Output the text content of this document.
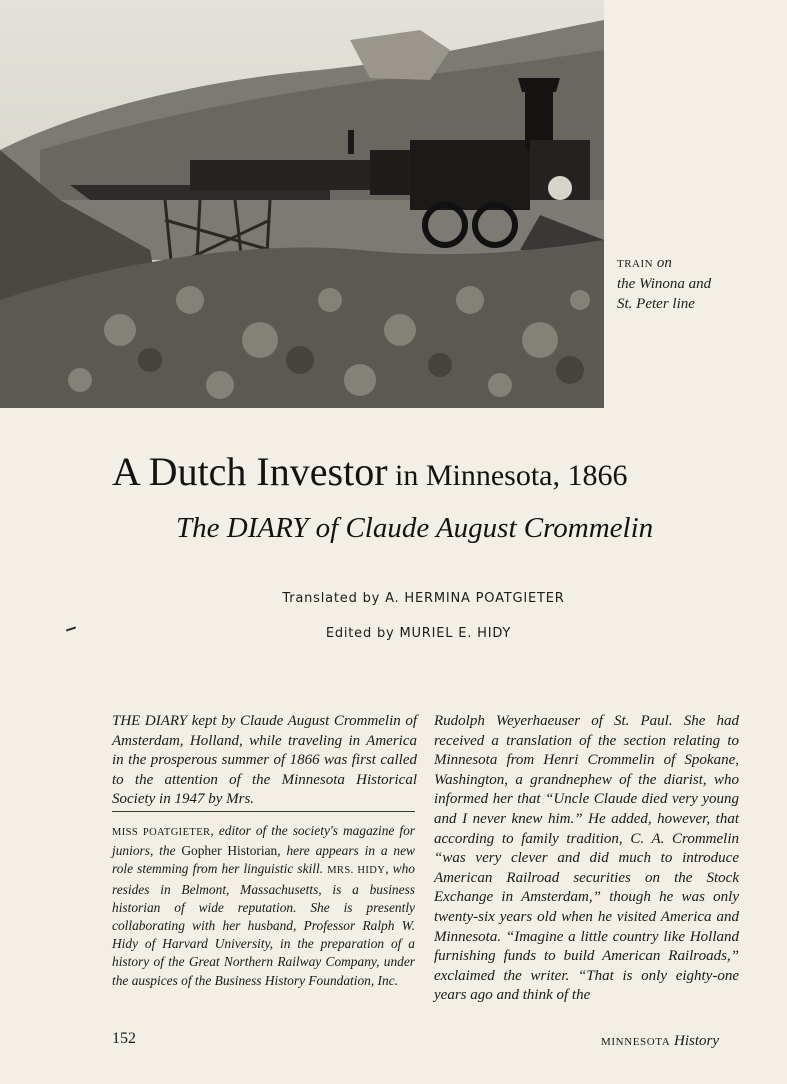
TRAIN on
the Winona and
St. Peter line
A Dutch Investor in Minnesota, 1866
The DIARY of Claude August Crommelin
Translated by A. HERMINA POATGIETER
Edited by MURIEL E. HIDY

THE DIARY kept by Claude August Crommelin of Amsterdam, Holland, while traveling in America in the prosperous summer of 1866 was first called to the attention of the Minnesota Historical Society in 1947 by Mrs.

MISS POATGIETER, editor of the society's magazine for juniors, the Gopher Historian, here appears in a new role stemming from her linguistic skill. MRS. HIDY, who resides in Belmont, Massachusetts, is a business historian of wide reputation. She is presently collaborating with her husband, Professor Ralph W. Hidy of Harvard University, in the preparation of a history of the Great Northern Railway Company, under the auspices of the Business History Foundation, Inc.

Rudolph Weyerhaeuser of St. Paul. She had received a translation of the section relating to Minnesota from Henri Crommelin of Spokane, Washington, a grandnephew of the diarist, who informed her that “Uncle Claude died very young and I never knew him.” He added, however, that according to family tradition, C. A. Crommelin “was very clever and did much to introduce American Railroad securities on the Stock Exchange in Amsterdam,” though he was only twenty-six years old when he visited America and Minnesota. “Imagine a little country like Holland furnishing funds to build American Railroads,” exclaimed the writer. “That is only eighty-one years ago and think of the

152	MINNESOTA History
